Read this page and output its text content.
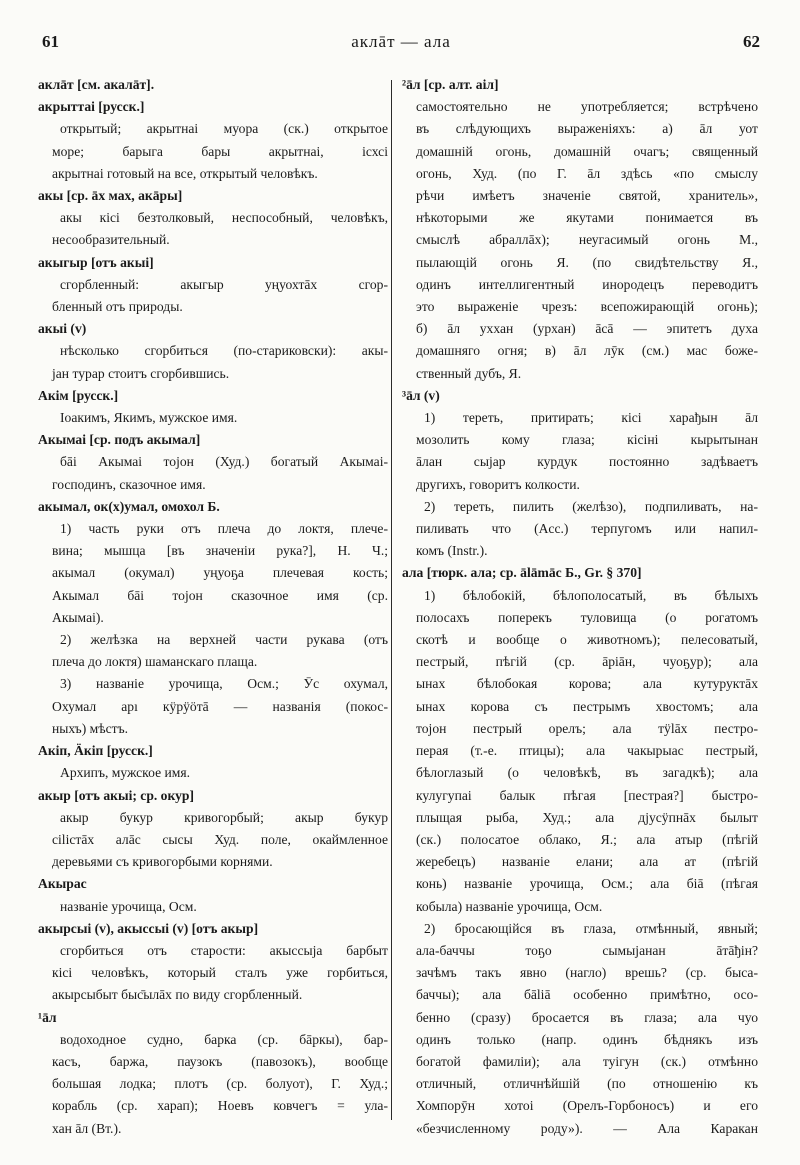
61	аклāт — ала	62
аклāт [см. акалāт].
акрыттаі [русск.]
открытый; акрытнаі муора (ск.) открытое
море; барыга бары акрытнаі, ісхсі
акрытнаі готовый на все, открытый человѣкъ.
акы [ср. āх мах, акāры]
акы кісі безтолковый, неспособный, человѣкъ,
несообразительный.
акыгыр [отъ акыі]
сгорбленный: акыгыр уңуохтāх сгор-
бленный отъ природы.
акыі (v)
нѣсколько сгорбиться (по-стариковски): акы-
јан турар стоитъ сгорбившись.
Акім [русск.]
Іоакимъ, Якимъ, мужское имя.
Акымаі [ср. подъ акымал]
бāі Акымаі тојон (Худ.) богатый Акымаі-
господинъ, сказочное имя.
акымал, ок(х)умал, омохол Б.
1) часть руки отъ плеча до локтя, плече-
вина; мышца [въ значеніи рука?], Н. Ч.;
акымал (окумал) уңуоҕа плечевая кость;
Акымал бāі тојон сказочное имя (ср.
Акымаі).
2) желѣзка на верхней части рукава (отъ
плеча до локтя) шаманскаго плаща.
3) названіе урочища, Осм.; Ӯс охумал,
Охумал арı кӱрӱӧтā — названія (покос-
ныхъ) мѣстъ.
Акіп, Ӓкіп [русск.]
Архипъ, мужское имя.
акыр [отъ акыі; ср. окур]
акыр букур кривогорбый; акыр букур
сіlістāх алāс сысы Худ. поле, окаймленное
деревьями съ кривогорбыми корнями.
Акырас
названіе урочища, Осм.
акырсыі (v), акыссыі (v) [отъ акыр]
сгорбиться отъ старости: акыссыја барбыт
кісі человѣкъ, который сталъ уже горбиться,
акырсыбыт быс̄ылāх по виду сгорбленный.
¹āл
водоходное судно, барка (ср. бāркы), бар-
касъ, баржа, паузокъ (павозокъ), вообще
большая лодка; плотъ (ср. болуот), Г. Худ.;
корабль (ср. харап); Ноевъ ковчегъ = ула-
хан āл (Вт.).
²āл [ср. алт. аіл]
самостоятельно не употребляется; встрѣчено
въ слѣдующихъ выраженіяхъ: а) āл уот
домашній огонь, домашній очагъ; священный
огонь, Худ. (по Г. āл здѣсь «по смыслу
рѣчи имѣетъ значеніе святой, хранитель»,
нѣкоторыми же якутами понимается въ
смыслѣ абраллāх); неугасимый огонь М.,
пылающій огонь Я. (по свидѣтельству Я.,
одинъ интеллигентный инородецъ переводитъ
это выраженіе чрезъ: всепожирающій огонь);
б) āл уххан (урхан) āсā — эпитетъ духа
домашняго огня; в) āл лӯк (см.) мас боже-
ственный дубъ, Я.
³āл (v)
1) тереть, притирать; кісі харађын āл
мозолить кому глаза; кісіні кырытынан
āлан сыјар курдук постоянно задѣваетъ
другихъ, говоритъ колкости.
2) тереть, пилить (желѣзо), подпиливать, на-
пиливать что (Acc.) терпугомъ или напил-
комъ (Instr.).
ала [тюрк. ала; ср. ālāmāc Б., Gr. § 370]
1) бѣлобокій, бѣлополосатый, въ бѣлыхъ
полосахъ поперекъ туловища (о рогатомъ
скотѣ и вообще о животномъ); пелесоватый,
пестрый, пѣгій (ср. āріāн, чуоҕур); ала
ынах бѣлобокая корова; ала кутуруктāх
ынах корова съ пестрымъ хвостомъ; ала
тојон пестрый орелъ; ала тӱlāх пестро-
перая (т.-е. птицы); ала чакырыас пестрый,
бѣлоглазый (о человѣкѣ, въ загадкѣ); ала
кулугупаі балык пѣгая [пестрая?] быстро-
плыщая рыба, Худ.; ала дјусӱпнāх былыт
(ск.) полосатое облако, Я.; ала атыр (пѣгій
жеребецъ) названіе елани; ала ат (пѣгій
конь) названіе урочища, Осм.; ала біā (пѣгая
кобыла) названіе урочища, Осм.
2) бросающійся въ глаза, отмѣнный, явный;
ала-баччы тоҕо сымыјанан āтāђін?
зачѣмъ такъ явно (нагло) врешь? (ср. быса-
баччы); ала бālіā особенно примѣтно, осо-
бенно (сразу) бросается въ глаза; ала чуо
одинъ только (напр. одинъ бѣднякъ изъ
богатой фамиліи); ала туігун (ск.) отмѣнно
отличный, отличнѣйшій (по отношенію къ
Хомпорӯн хотоі (Орелъ-Горбоносъ) и его
«безчисленному роду»). — Ала Каракан
